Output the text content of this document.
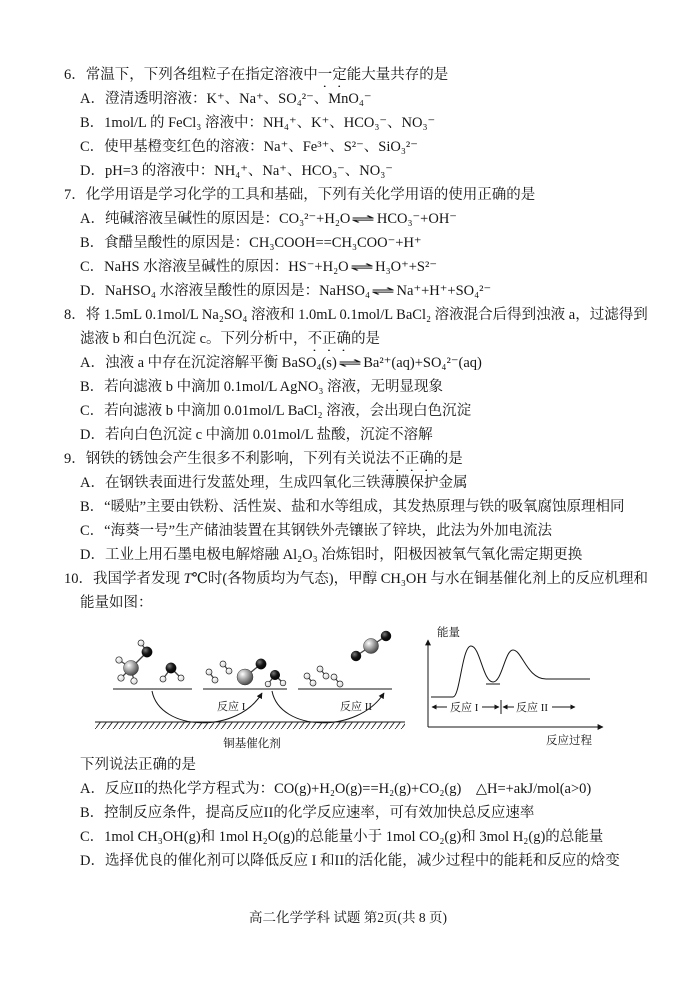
6．常温下，下列各组粒子在指定溶液中一定能大量共存的是
A．澄清透明溶液：K⁺、Na⁺、SO₄²⁻、MnO₄⁻
B．1mol/L 的 FeCl₃ 溶液中：NH₄⁺、K⁺、HCO₃⁻、NO₃⁻
C．使甲基橙变红色的溶液：Na⁺、Fe³⁺、S²⁻、SiO₃²⁻
D．pH=3 的溶液中：NH₄⁺、Na⁺、HCO₃⁻、NO₃⁻
7．化学用语是学习化学的工具和基础，下列有关化学用语的使用正确的是
A．纯碱溶液呈碱性的原因是：CO₃²⁻+H₂O⇌HCO₃⁻+OH⁻
B．食醋呈酸性的原因是：CH₃COOH==CH₃COO⁻+H⁺
C．NaHS 水溶液呈碱性的原因：HS⁻+H₂O⇌H₃O⁺+S²⁻
D．NaHSO₄ 水溶液呈酸性的原因是：NaHSO₄⇌Na⁺+H⁺+SO₄²⁻
8．将 1.5mL 0.1mol/L Na₂SO₄ 溶液和 1.0mL 0.1mol/L BaCl₂ 溶液混合后得到浊液 a，过滤得到
滤液 b 和白色沉淀 c。下列分析中，不正确的是
A．浊液 a 中存在沉淀溶解平衡 BaSO₄(s)⇌Ba²⁺(aq)+SO₄²⁻(aq)
B．若向滤液 b 中滴加 0.1mol/L AgNO₃ 溶液，无明显现象
C．若向滤液 b 中滴加 0.01mol/L BaCl₂ 溶液，会出现白色沉淀
D．若向白色沉淀 c 中滴加 0.01mol/L 盐酸，沉淀不溶解
9．钢铁的锈蚀会产生很多不利影响，下列有关说法不正确的是
A．在钢铁表面进行发蓝处理，生成四氧化三铁薄膜保护金属
B．“暖贴”主要由铁粉、活性炭、盐和水等组成，其发热原理与铁的吸氧腐蚀原理相同
C．“海葵一号”生产储油装置在其钢铁外壳镶嵌了锌块，此法为外加电流法
D．工业上用石墨电极电解熔融 Al₂O₃ 冶炼铝时，阳极因被氧气氧化需定期更换
10．我国学者发现 T℃时(各物质均为气态)，甲醇 CH₃OH 与水在铜基催化剂上的反应机理和
能量如图：
反应 I	反应 II
铜基催化剂
能量
反应 I	反应 II
反应过程
下列说法正确的是
A．反应II的热化学方程式为：CO(g)+H₂O(g)==H₂(g)+CO₂(g)　△H=+akJ/mol(a>0)
B．控制反应条件，提高反应II的化学反应速率，可有效加快总反应速率
C．1mol CH₃OH(g)和 1mol H₂O(g)的总能量小于 1mol CO₂(g)和 3mol H₂(g)的总能量
D．选择优良的催化剂可以降低反应 I 和II的活化能，减少过程中的能耗和反应的焓变
高二化学学科 试题 第2页(共 8 页)
